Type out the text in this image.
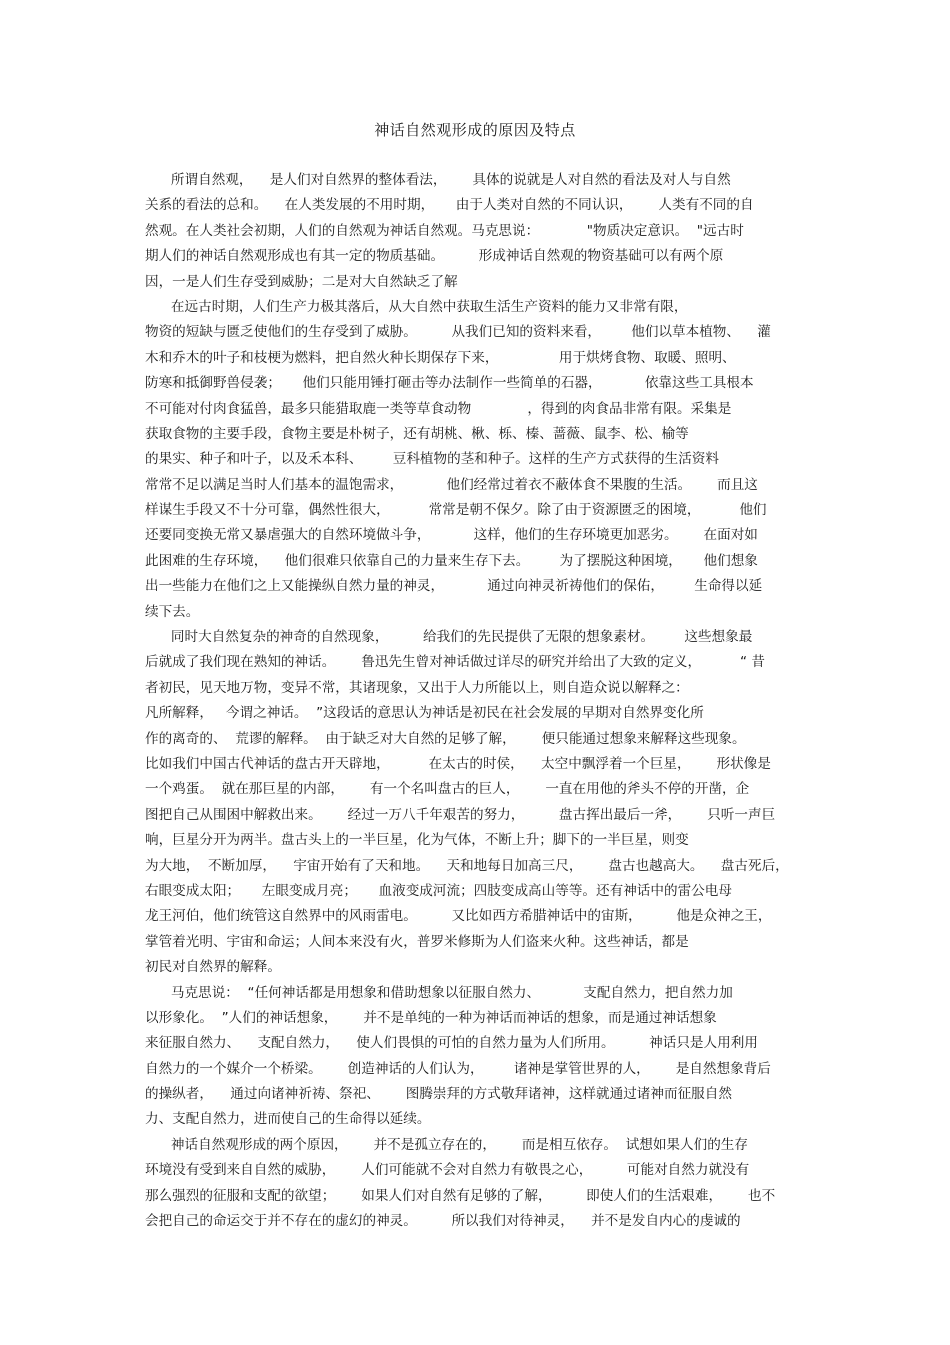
神话自然观形成的原因及特点
所谓自然观，    是人们对自然界的整体看法，      具体的说就是人对自然的看法及对人与自然
关系的看法的总和。    在人类发展的不用时期，     由于人类对自然的不同认识，      人类有不同的自
然观。在人类社会初期，人们的自然观为神话自然观。马克思说：           "物质决定意识。  "远古时
期人们的神话自然观形成也有其一定的物质基础。        形成神话自然观的物资基础可以有两个原
因，一是人们生存受到威胁；二是对大自然缺乏了解
在远古时期，人们生产力极其落后，从大自然中获取生活生产资料的能力又非常有限，
物资的短缺与匮乏使他们的生存受到了威胁。        从我们已知的资料来看，       他们以草本植物、    灌
木和乔木的叶子和枝梗为燃料，把自然火种长期保存下来，              用于烘烤食物、取暖、照明、
防寒和抵御野兽侵袭；     他们只能用锤打砸击等办法制作一些简单的石器，          依靠这些工具根本
不可能对付肉食猛兽，最多只能猎取鹿一类等草食动物             ，得到的肉食品非常有限。采集是
获取食物的主要手段，食物主要是朴树子，还有胡桃、楸、栎、榛、蔷薇、鼠李、松、榆等
的果实、种子和叶子，以及禾本科、       豆科植物的茎和种子。这样的生产方式获得的生活资料
常常不足以满足当时人们基本的温饱需求，          他们经常过着衣不蔽体食不果腹的生活。      而且这
样谋生手段又不十分可靠，偶然性很大，         常常是朝不保夕。除了由于资源匮乏的困境，         他们
还要同变换无常又暴虐强大的自然环境做斗争，          这样，他们的生存环境更加恶劣。      在面对如
此困难的生存环境，    他们很难只依靠自己的力量来生存下去。       为了摆脱这种困境，     他们想象
出一些能力在他们之上又能操纵自然力量的神灵，          通过向神灵祈祷他们的保佑，       生命得以延
续下去。
同时大自然复杂的神奇的自然现象，        给我们的先民提供了无限的想象素材。       这些想象最
后就成了我们现在熟知的神话。      鲁迅先生曾对神话做过详尽的研究并给出了大致的定义，         “ 昔
者初民，见天地万物，变异不常，其诸现象，又出于人力所能以上，则自造众说以解释之：
凡所解释，   今谓之神话。  ”这段话的意思认为神话是初民在社会发展的早期对自然界变化所
作的离奇的、  荒谬的解释。  由于缺乏对大自然的足够了解，      便只能通过想象来解释这些现象。
比如我们中国古代神话的盘古开天辟地，         在太古的时侯，    太空中飘浮着一个巨星，      形状像是
一个鸡蛋。  就在那巨星的内部，      有一个名叫盘古的巨人，      一直在用他的斧头不停的开凿，企
图把自己从围困中解救出来。      经过一万八千年艰苦的努力，        盘古挥出最后一斧，      只听一声巨
响，巨星分开为两半。盘古头上的一半巨星，化为气体，不断上升；脚下的一半巨星，则变
为大地，  不断加厚，    宇宙开始有了天和地。    天和地每日加高三尺，      盘古也越高大。    盘古死后，
右眼变成太阳；     左眼变成月亮；     血液变成河流；四肢变成高山等等。还有神话中的雷公电母
龙王河伯，他们统管这自然界中的风雨雷电。        又比如西方希腊神话中的宙斯，        他是众神之王，
掌管着光明、宇宙和命运；人间本来没有火，普罗米修斯为人们盗来火种。这些神话，都是
初民对自然界的解释。
马克思说：  “任何神话都是用想象和借助想象以征服自然力、          支配自然力，把自然力加
以形象化。  ”人们的神话想象，      并不是单纯的一种为神话而神话的想象，而是通过神话想象
来征服自然力、    支配自然力，    使人们畏惧的可怕的自然力量为人们所用。        神话只是人用利用
自然力的一个媒介一个桥梁。      创造神话的人们认为，       诸神是掌管世界的人，      是自然想象背后
的操纵者，    通过向诸神祈祷、祭祀、      图腾崇拜的方式敬拜诸神，这样就通过诸神而征服自然
力、支配自然力，进而使自己的生命得以延续。
神话自然观形成的两个原因，      并不是孤立存在的，      而是相互依存。  试想如果人们的生存
环境没有受到来自自然的威胁，      人们可能就不会对自然力有敬畏之心，        可能对自然力就没有
那么强烈的征服和支配的欲望；      如果人们对自然有足够的了解，        即使人们的生活艰难，      也不
会把自己的命运交于并不存在的虚幻的神灵。        所以我们对待神灵，    并不是发自内心的虔诚的
